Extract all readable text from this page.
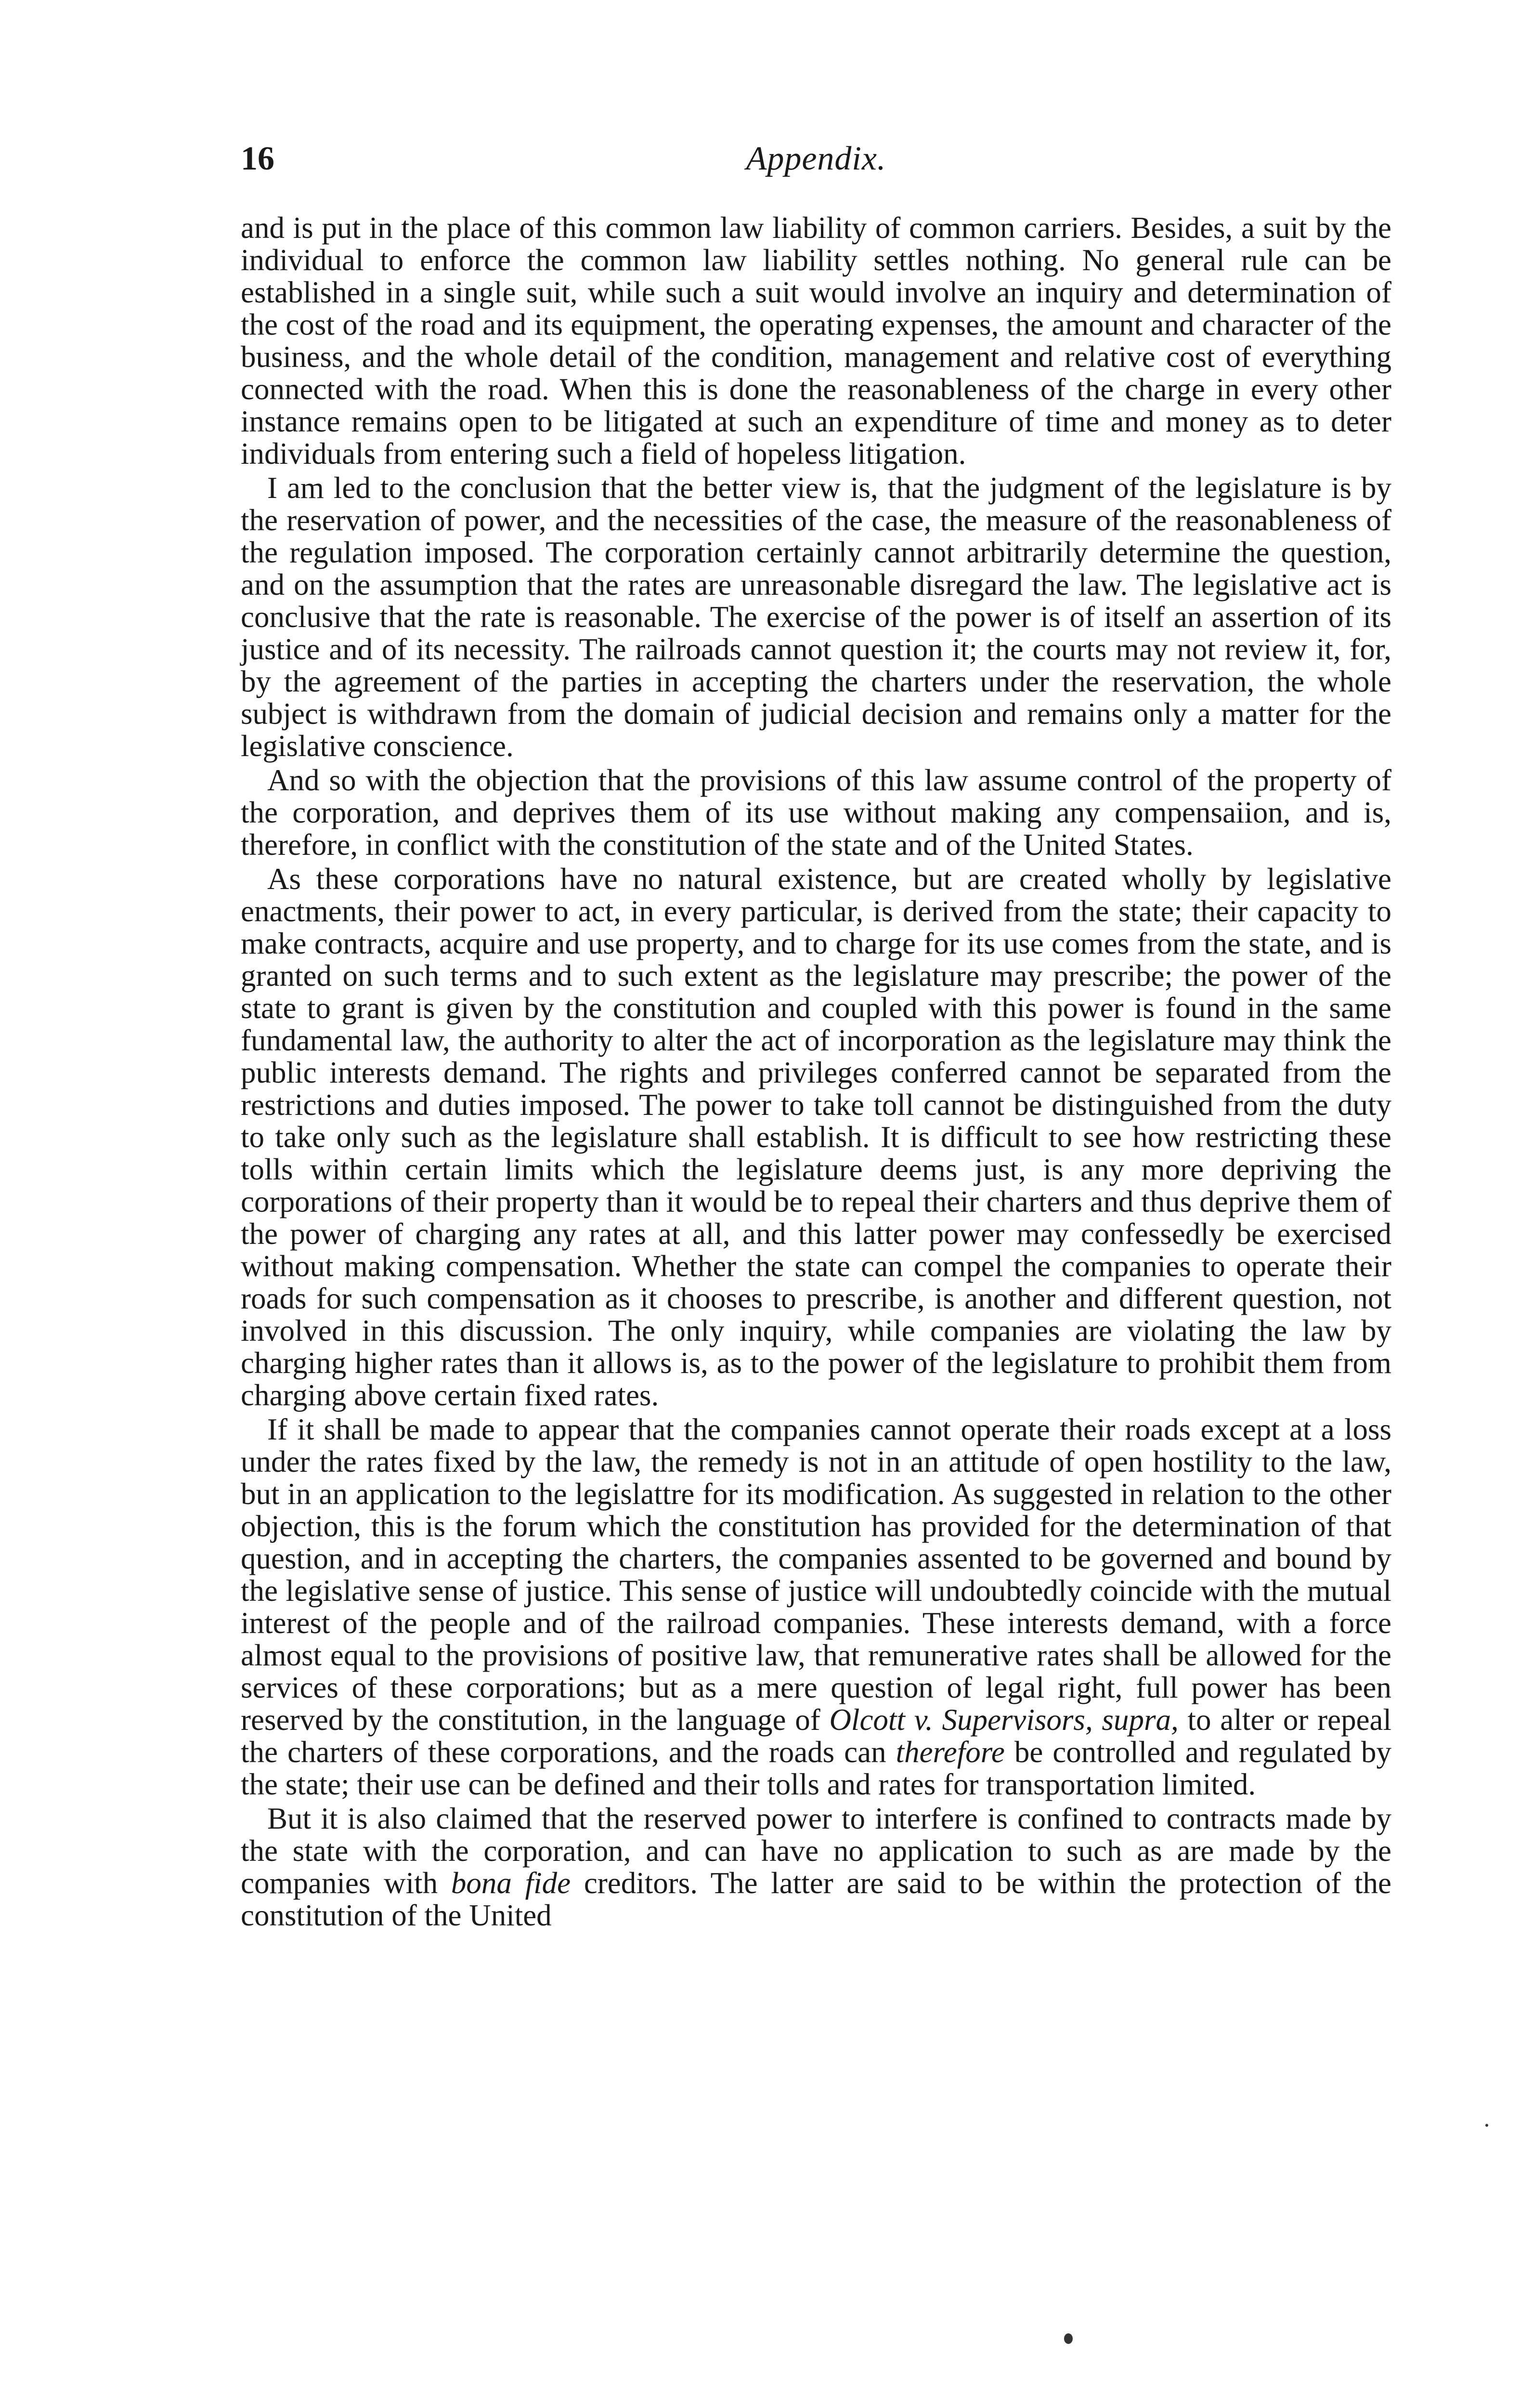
16	Appendix.

and is put in the place of this common law liability of common carriers. Besides, a suit by the individual to enforce the common law liability settles nothing. No general rule can be established in a single suit, while such a suit would involve an inquiry and determination of the cost of the road and its equipment, the operating expenses, the amount and character of the business, and the whole detail of the condition, management and relative cost of everything connected with the road. When this is done the reasonableness of the charge in every other instance remains open to be litigated at such an expenditure of time and money as to deter individuals from entering such a field of hopeless litigation.

I am led to the conclusion that the better view is, that the judgment of the legislature is by the reservation of power, and the necessities of the case, the measure of the reasonableness of the regulation imposed. The corporation certainly cannot arbitrarily determine the question, and on the assumption that the rates are unreasonable disregard the law. The legislative act is conclusive that the rate is reasonable. The exercise of the power is of itself an assertion of its justice and of its necessity. The railroads cannot question it; the courts may not review it, for, by the agreement of the parties in accepting the charters under the reservation, the whole subject is withdrawn from the domain of judicial decision and remains only a matter for the legislative conscience.

And so with the objection that the provisions of this law assume control of the property of the corporation, and deprives them of its use without making any compensaiion, and is, therefore, in conflict with the constitution of the state and of the United States.

As these corporations have no natural existence, but are created wholly by legislative enactments, their power to act, in every particular, is derived from the state; their capacity to make contracts, acquire and use property, and to charge for its use comes from the state, and is granted on such terms and to such extent as the legislature may prescribe; the power of the state to grant is given by the constitution and coupled with this power is found in the same fundamental law, the authority to alter the act of incorporation as the legislature may think the public interests demand. The rights and privileges conferred cannot be separated from the restrictions and duties imposed. The power to take toll cannot be distinguished from the duty to take only such as the legislature shall establish. It is difficult to see how restricting these tolls within certain limits which the legislature deems just, is any more depriving the corporations of their property than it would be to repeal their charters and thus deprive them of the power of charging any rates at all, and this latter power may confessedly be exercised without making compensation. Whether the state can compel the companies to operate their roads for such compensation as it chooses to prescribe, is another and different question, not involved in this discussion. The only inquiry, while companies are violating the law by charging higher rates than it allows is, as to the power of the legislature to prohibit them from charging above certain fixed rates.

If it shall be made to appear that the companies cannot operate their roads except at a loss under the rates fixed by the law, the remedy is not in an attitude of open hostility to the law, but in an application to the legislattre for its modification. As suggested in relation to the other objection, this is the forum which the constitution has provided for the determination of that question, and in accepting the charters, the companies assented to be governed and bound by the legislative sense of justice. This sense of justice will undoubtedly coincide with the mutual interest of the people and of the railroad companies. These interests demand, with a force almost equal to the provisions of positive law, that remunerative rates shall be allowed for the services of these corporations; but as a mere question of legal right, full power has been reserved by the constitution, in the language of Olcott v. Supervisors, supra, to alter or repeal the charters of these corporations, and the roads can therefore be controlled and regulated by the state; their use can be defined and their tolls and rates for transportation limited.

But it is also claimed that the reserved power to interfere is confined to contracts made by the state with the corporation, and can have no application to such as are made by the companies with bona fide creditors. The latter are said to be within the protection of the constitution of the United
